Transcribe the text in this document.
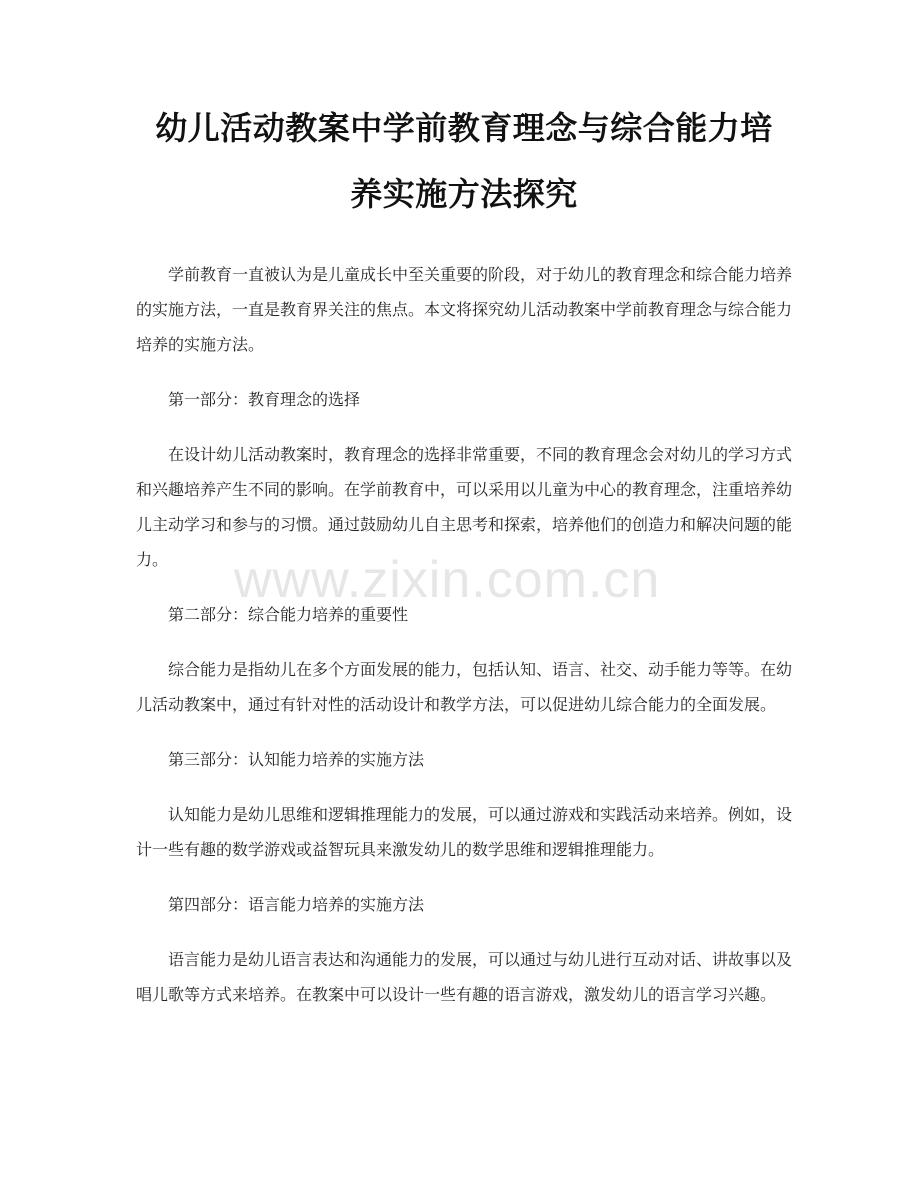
幼儿活动教案中学前教育理念与综合能力培
养实施方法探究

学前教育一直被认为是儿童成长中至关重要的阶段，对于幼儿的教育理念和综合能力培养的实施方法，一直是教育界关注的焦点。本文将探究幼儿活动教案中学前教育理念与综合能力培养的实施方法。

第一部分：教育理念的选择

在设计幼儿活动教案时，教育理念的选择非常重要，不同的教育理念会对幼儿的学习方式和兴趣培养产生不同的影响。在学前教育中，可以采用以儿童为中心的教育理念，注重培养幼儿主动学习和参与的习惯。通过鼓励幼儿自主思考和探索，培养他们的创造力和解决问题的能力。

第二部分：综合能力培养的重要性

综合能力是指幼儿在多个方面发展的能力，包括认知、语言、社交、动手能力等等。在幼儿活动教案中，通过有针对性的活动设计和教学方法，可以促进幼儿综合能力的全面发展。

第三部分：认知能力培养的实施方法

认知能力是幼儿思维和逻辑推理能力的发展，可以通过游戏和实践活动来培养。例如，设计一些有趣的数学游戏或益智玩具来激发幼儿的数学思维和逻辑推理能力。

第四部分：语言能力培养的实施方法

语言能力是幼儿语言表达和沟通能力的发展，可以通过与幼儿进行互动对话、讲故事以及唱儿歌等方式来培养。在教案中可以设计一些有趣的语言游戏，激发幼儿的语言学习兴趣。

www.zixin.com.cn
